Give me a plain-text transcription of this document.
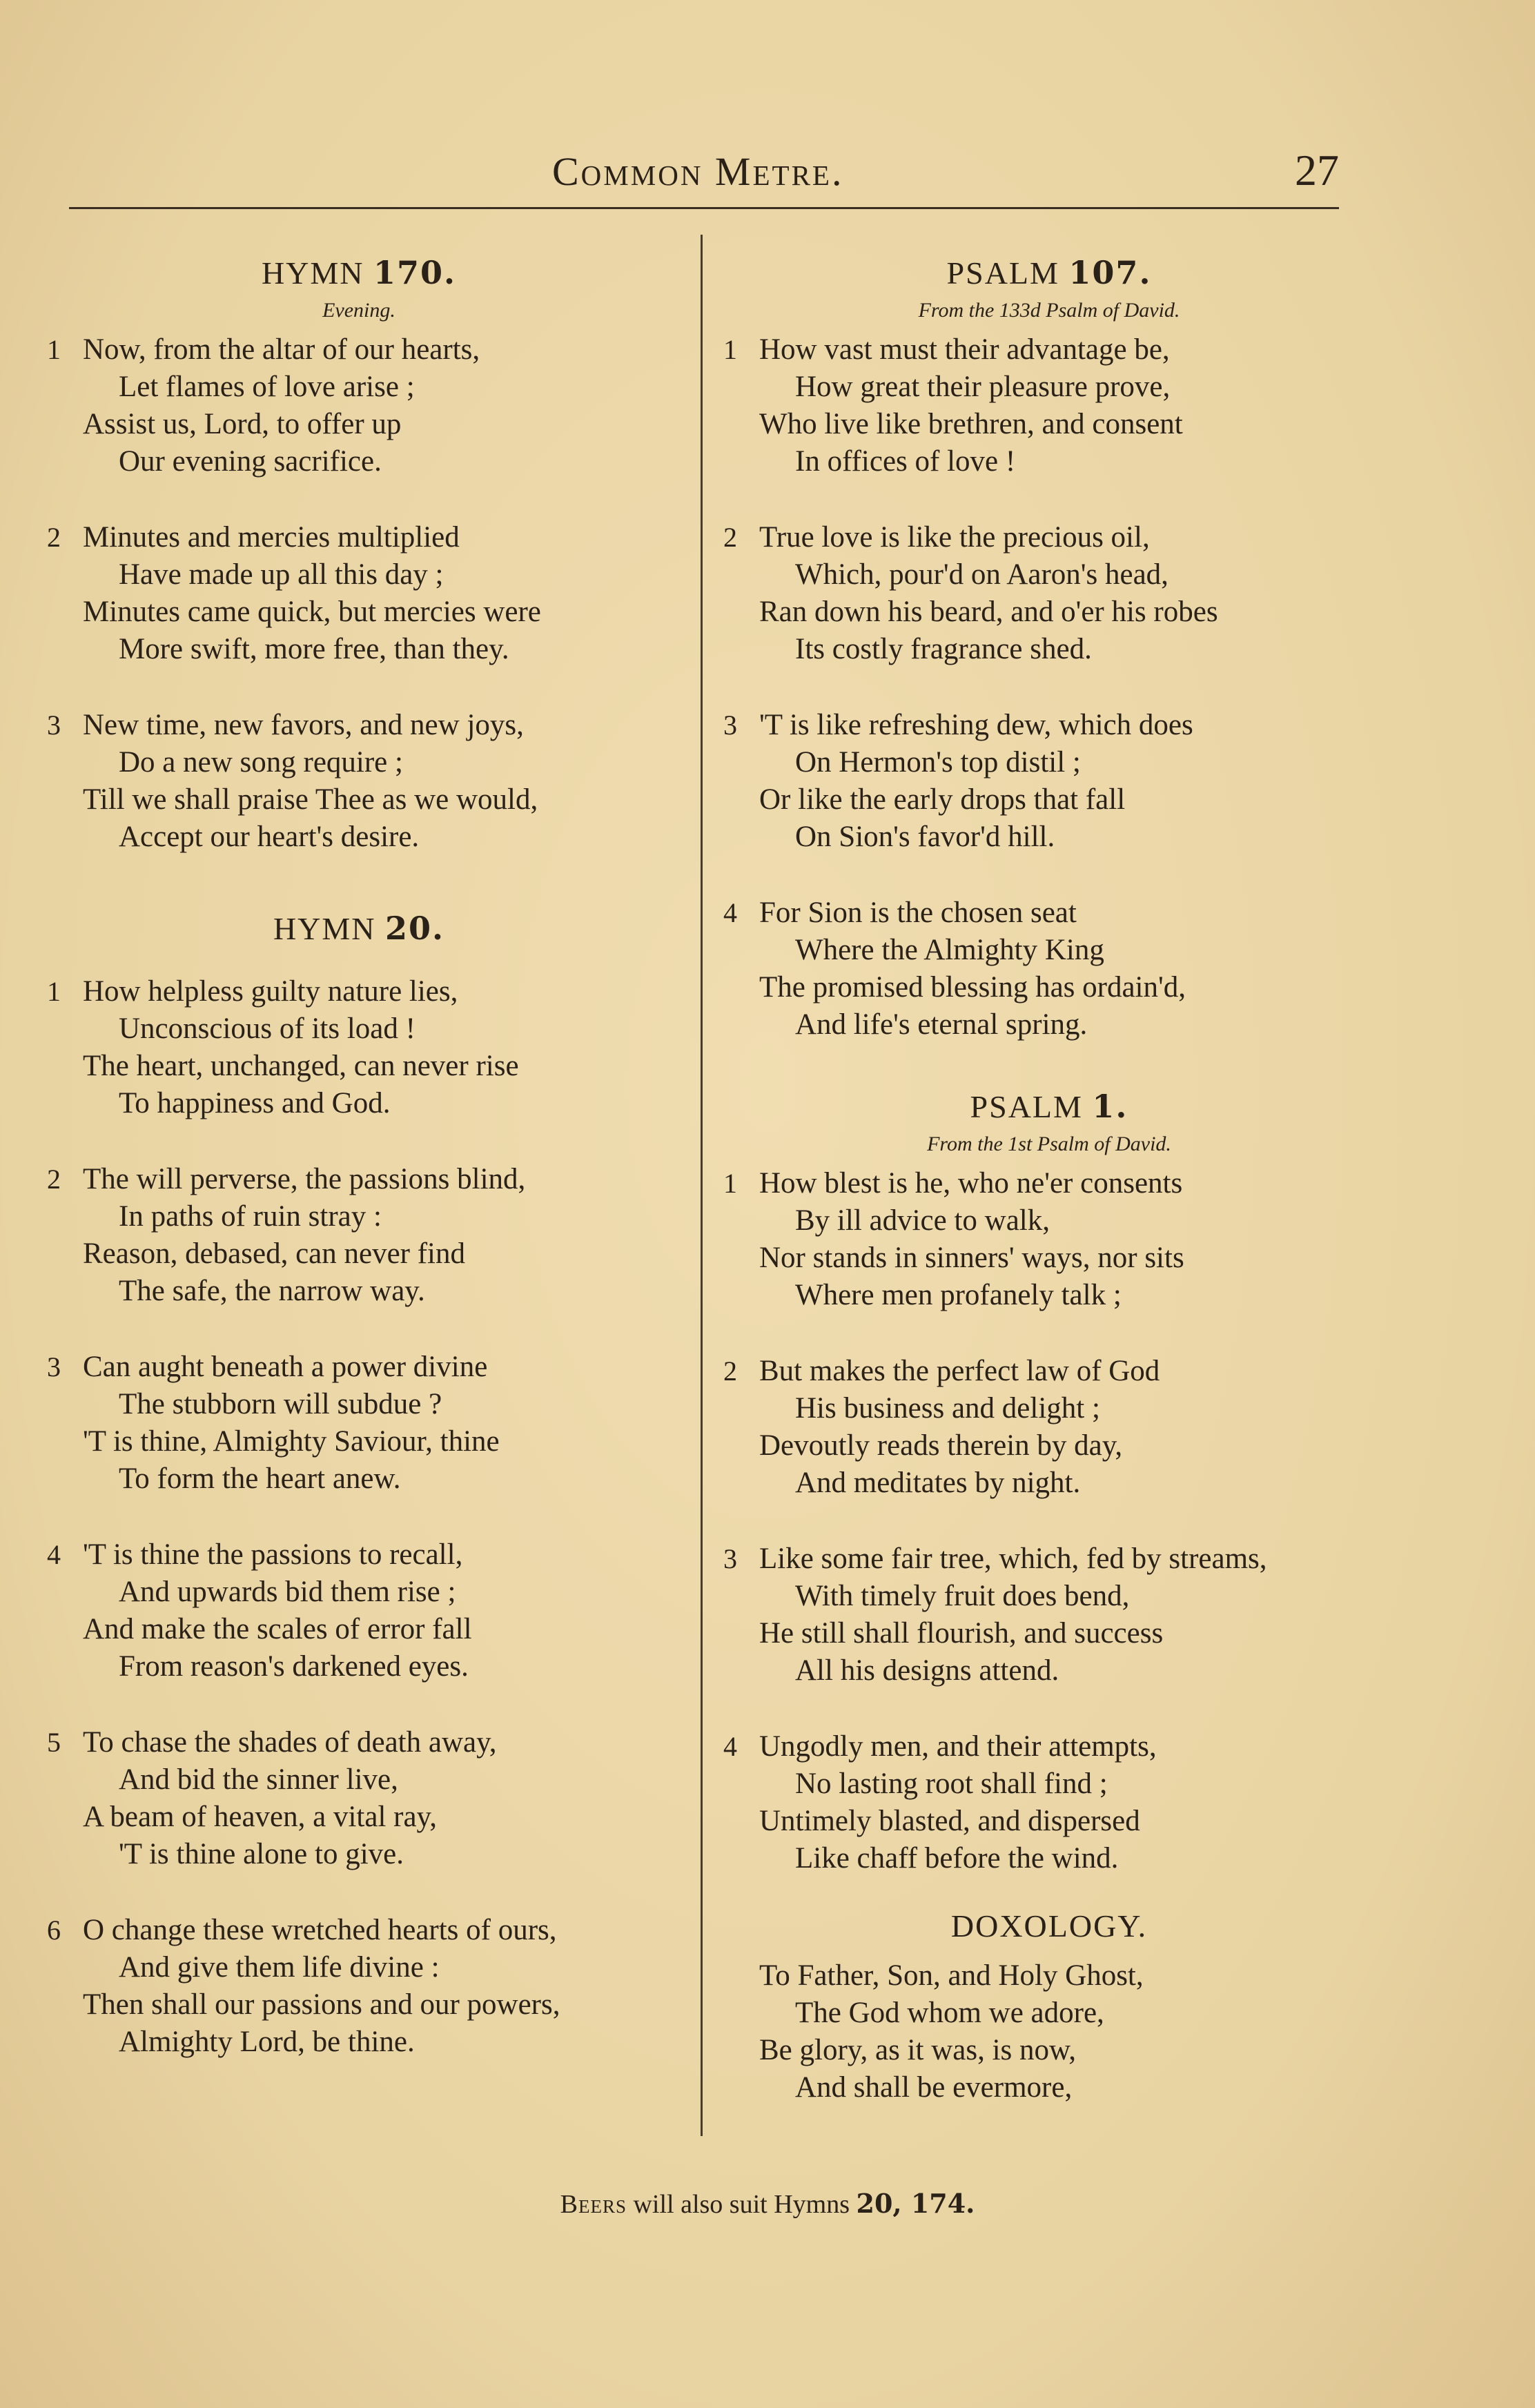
Common Metre.	27
HYMN 170.
Evening.
1 Now, from the altar of our hearts,
Let flames of love arise ;
Assist us, Lord, to offer up
Our evening sacrifice.
2 Minutes and mercies multiplied
Have made up all this day ;
Minutes came quick, but mercies were
More swift, more free, than they.
3 New time, new favors, and new joys,
Do a new song require ;
Till we shall praise Thee as we would,
Accept our heart's desire.
HYMN 20.
1 How helpless guilty nature lies,
Unconscious of its load !
The heart, unchanged, can never rise
To happiness and God.
2 The will perverse, the passions blind,
In paths of ruin stray :
Reason, debased, can never find
The safe, the narrow way.
3 Can aught beneath a power divine
The stubborn will subdue ?
'T is thine, Almighty Saviour, thine
To form the heart anew.
4 'T is thine the passions to recall,
And upwards bid them rise ;
And make the scales of error fall
From reason's darkened eyes.
5 To chase the shades of death away,
And bid the sinner live,
A beam of heaven, a vital ray,
'T is thine alone to give.
6 O change these wretched hearts of ours,
And give them life divine :
Then shall our passions and our powers,
Almighty Lord, be thine.
PSALM 107.
From the 133d Psalm of David.
1 How vast must their advantage be,
How great their pleasure prove,
Who live like brethren, and consent
In offices of love !
2 True love is like the precious oil,
Which, pour'd on Aaron's head,
Ran down his beard, and o'er his robes
Its costly fragrance shed.
3 'T is like refreshing dew, which does
On Hermon's top distil ;
Or like the early drops that fall
On Sion's favor'd hill.
4 For Sion is the chosen seat
Where the Almighty King
The promised blessing has ordain'd,
And life's eternal spring.
PSALM 1.
From the 1st Psalm of David.
1 How blest is he, who ne'er consents
By ill advice to walk,
Nor stands in sinners' ways, nor sits
Where men profanely talk ;
2 But makes the perfect law of God
His business and delight ;
Devoutly reads therein by day,
And meditates by night.
3 Like some fair tree, which, fed by streams,
With timely fruit does bend,
He still shall flourish, and success
All his designs attend.
4 Ungodly men, and their attempts,
No lasting root shall find ;
Untimely blasted, and dispersed
Like chaff before the wind.
DOXOLOGY.
To Father, Son, and Holy Ghost,
The God whom we adore,
Be glory, as it was, is now,
And shall be evermore,
Beers will also suit Hymns 20, 174.
